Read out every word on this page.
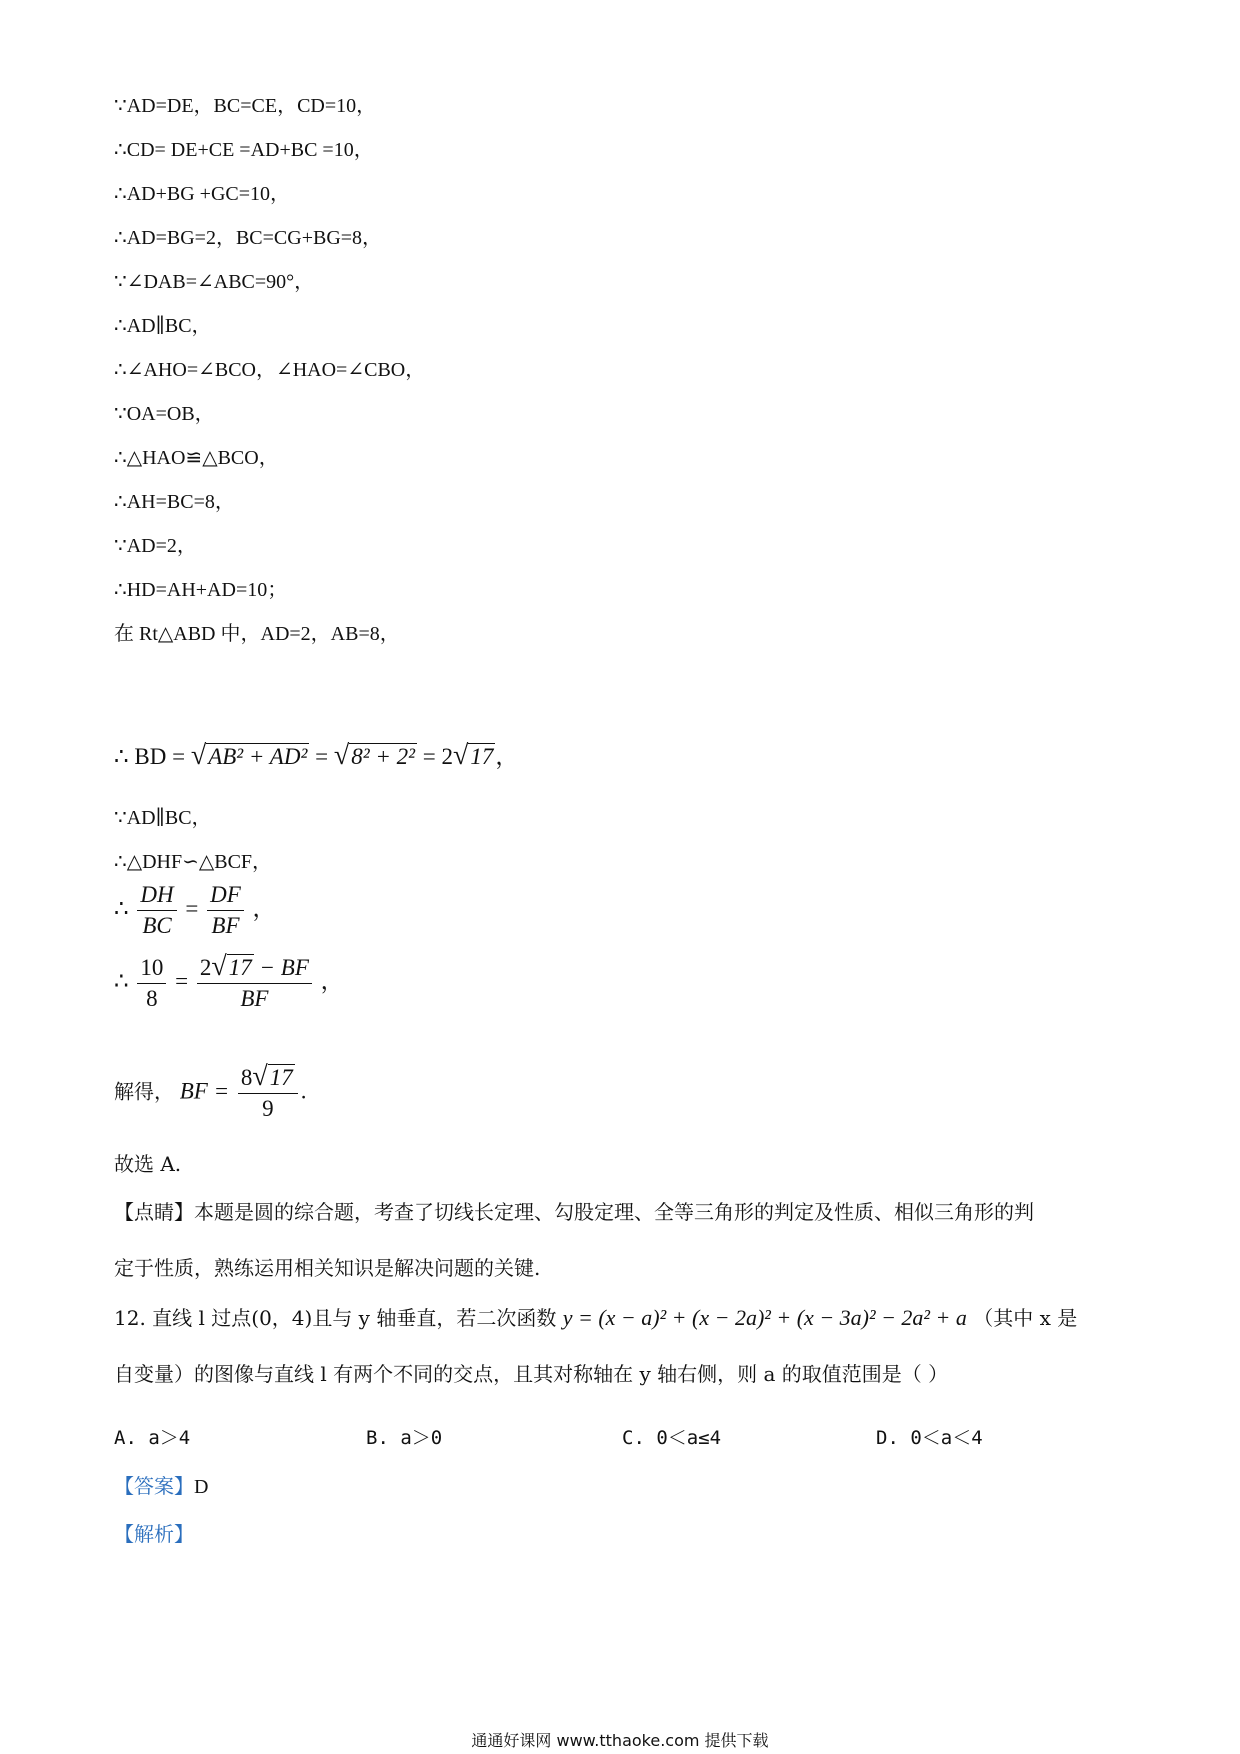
∵AD=DE，BC=CE，CD=10，
∴CD= DE+CE =AD+BC =10，
∴AD+BG +GC=10，
∴AD=BG=2，BC=CG+BG=8，
∵∠DAB=∠ABC=90°，
∴AD∥BC，
∴∠AHO=∠BCO，∠HAO=∠CBO，
∵OA=OB，
∴△HAO≌△BCO，
∴AH=BC=8，
∵AD=2，
∴HD=AH+AD=10；
在 Rt△ABD 中，AD=2，AB=8，
∴ BD = √AB² + AD² = √8² + 2² = 2√17，
∵AD∥BC，
∴△DHF∽△BCF，
∴ $\frac{DH}{BC} = \frac{DF}{BF}$ ，
∴ $\frac{10}{8} = \frac{2√17 - BF}{BF}$ ，
解得， BF = $\frac{8√17}{9}$ .
故选 A.
【点睛】本题是圆的综合题，考查了切线长定理、勾股定理、全等三角形的判定及性质、相似三角形的判
定于性质，熟练运用相关知识是解决问题的关键.
12. 直线 l 过点(0，4)且与 y 轴垂直，若二次函数 y = (x − a)² + (x − 2a)² + (x − 3a)² − 2a² + a （其中 x 是
自变量）的图像与直线 l 有两个不同的交点，且其对称轴在 y 轴右侧，则 a 的取值范围是（ ）
A. a＞4	B. a＞0	C. 0＜a≤4	D. 0＜a＜4
【答案】D
【解析】
通通好课网 www.tthaoke.com 提供下载
